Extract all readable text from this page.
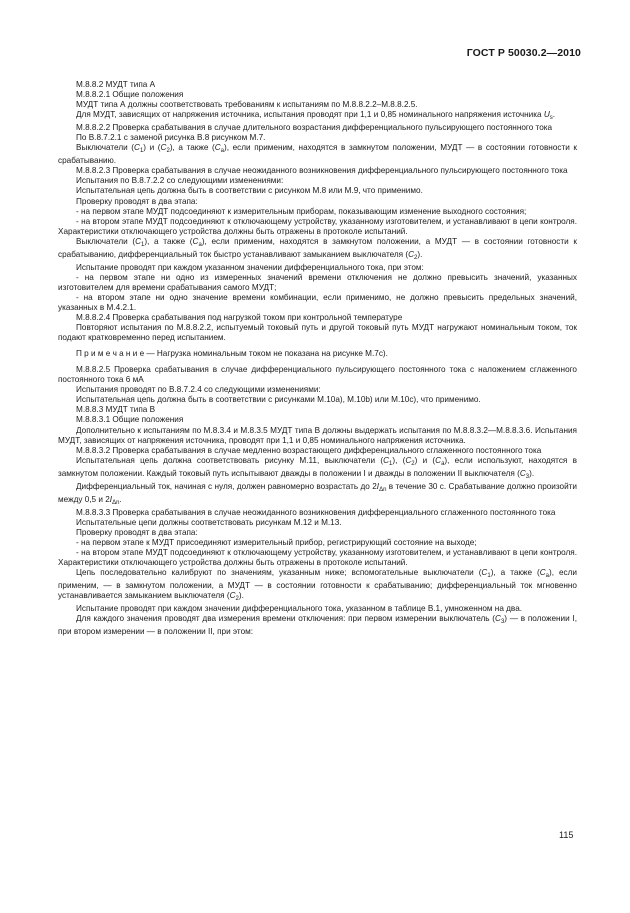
ГОСТ Р 50030.2—2010

М.8.8.2 МУДТ типа А

М.8.8.2.1 Общие положения

МУДТ типа А должны соответствовать требованиям к испытаниям по М.8.8.2.2–М.8.8.2.5.

Для МУДТ, зависящих от напряжения источника, испытания проводят при 1,1 и 0,85 номинального напряжения источника $U_s$.

М.8.8.2.2 Проверка срабатывания в случае длительного возрастания дифференциального пульсирующего постоянного тока

По В.8.7.2.1 с заменой рисунка В.8 рисунком М.7.

Выключатели $(C_1)$ и $(C_2)$, а также $(C_a)$, если применим, находятся в замкнутом положении, МУДТ — в состоянии готовности к срабатыванию.

М.8.8.2.3 Проверка срабатывания в случае неожиданного возникновения дифференциального пульсирующего постоянного тока

Испытания по В.8.7.2.2 со следующими изменениями:

Испытательная цепь должна быть в соответствии с рисунком М.8 или М.9, что применимо.

Проверку проводят в два этапа:

- на первом этапе МУДТ подсоединяют к измерительным приборам, показывающим изменение выходного состояния;

- на втором этапе МУДТ подсоединяют к отключающему устройству, указанному изготовителем, и устанавливают в цепи контроля. Характеристики отключающего устройства должны быть отражены в протоколе испытаний.

Выключатели $(C_1)$, а также $(C_a)$, если применим, находятся в замкнутом положении, а МУДТ — в состоянии готовности к срабатыванию, дифференциальный ток быстро устанавливают замыканием выключателя $(C_2)$.

Испытание проводят при каждом указанном значении дифференциального тока, при этом:

- на первом этапе ни одно из измеренных значений времени отключения не должно превысить значений, указанных изготовителем для времени срабатывания самого МУДТ;

- на втором этапе ни одно значение времени комбинации, если применимо, не должно превысить предельных значений, указанных в М.4.2.1.

М.8.8.2.4 Проверка срабатывания под нагрузкой током при контрольной температуре

Повторяют испытания по М.8.8.2.2, испытуемый токовый путь и другой токовый путь МУДТ нагружают номинальным током, ток подают кратковременно перед испытанием.

П р и м е ч а н и е — Нагрузка номинальным током не показана на рисунке М.7с).

М.8.8.2.5 Проверка срабатывания в случае дифференциального пульсирующего постоянного тока с наложением сглаженного постоянного тока 6 мА

Испытания проводят по В.8.7.2.4 со следующими изменениями:

Испытательная цепь должна быть в соответствии с рисунками М.10а), М.10b) или М.10c), что применимо.

М.8.8.3 МУДТ типа В

М.8.8.3.1 Общие положения

Дополнительно к испытаниям по М.8.3.4 и М.8.3.5 МУДТ типа В должны выдержать испытания по М.8.8.3.2—М.8.8.3.6. Испытания МУДТ, зависящих от напряжения источника, проводят при 1,1 и 0,85 номинального напряжения источника.

М.8.8.3.2 Проверка срабатывания в случае медленно возрастающего дифференциального сглаженного постоянного тока

Испытательная цепь должна соответствовать рисунку М.11, выключатели $(C_1)$, $(C_2)$ и $(C_a)$, если используют, находятся в замкнутом положении. Каждый токовый путь испытывают дважды в положении I и дважды в положении II выключателя $(C_3)$.

Дифференциальный ток, начиная с нуля, должен равномерно возрастать до $2I_{\Delta n}$ в течение 30 с. Срабатывание должно произойти между 0,5 и $2I_{\Delta n}$.

М.8.8.3.3 Проверка срабатывания в случае неожиданного возникновения дифференциального сглаженного постоянного тока

Испытательные цепи должны соответствовать рисункам М.12 и М.13.

Проверку проводят в два этапа:

- на первом этапе к МУДТ присоединяют измерительный прибор, регистрирующий состояние на выходе;

- на втором этапе МУДТ подсоединяют к отключающему устройству, указанному изготовителем, и устанавливают в цепи контроля. Характеристики отключающего устройства должны быть отражены в протоколе испытаний.

Цепь последовательно калибруют по значениям, указанным ниже; вспомогательные выключатели $(C_1)$, а также $(C_a)$, если применим, — в замкнутом положении, а МУДТ — в состоянии готовности к срабатыванию; дифференциальный ток мгновенно устанавливается замыканием выключателя $(C_2)$.

Испытание проводят при каждом значении дифференциального тока, указанном в таблице В.1, умноженном на два.

Для каждого значения проводят два измерения времени отключения: при первом измерении выключатель $(C_3)$ — в положении I, при втором измерении — в положении II, при этом:

115
